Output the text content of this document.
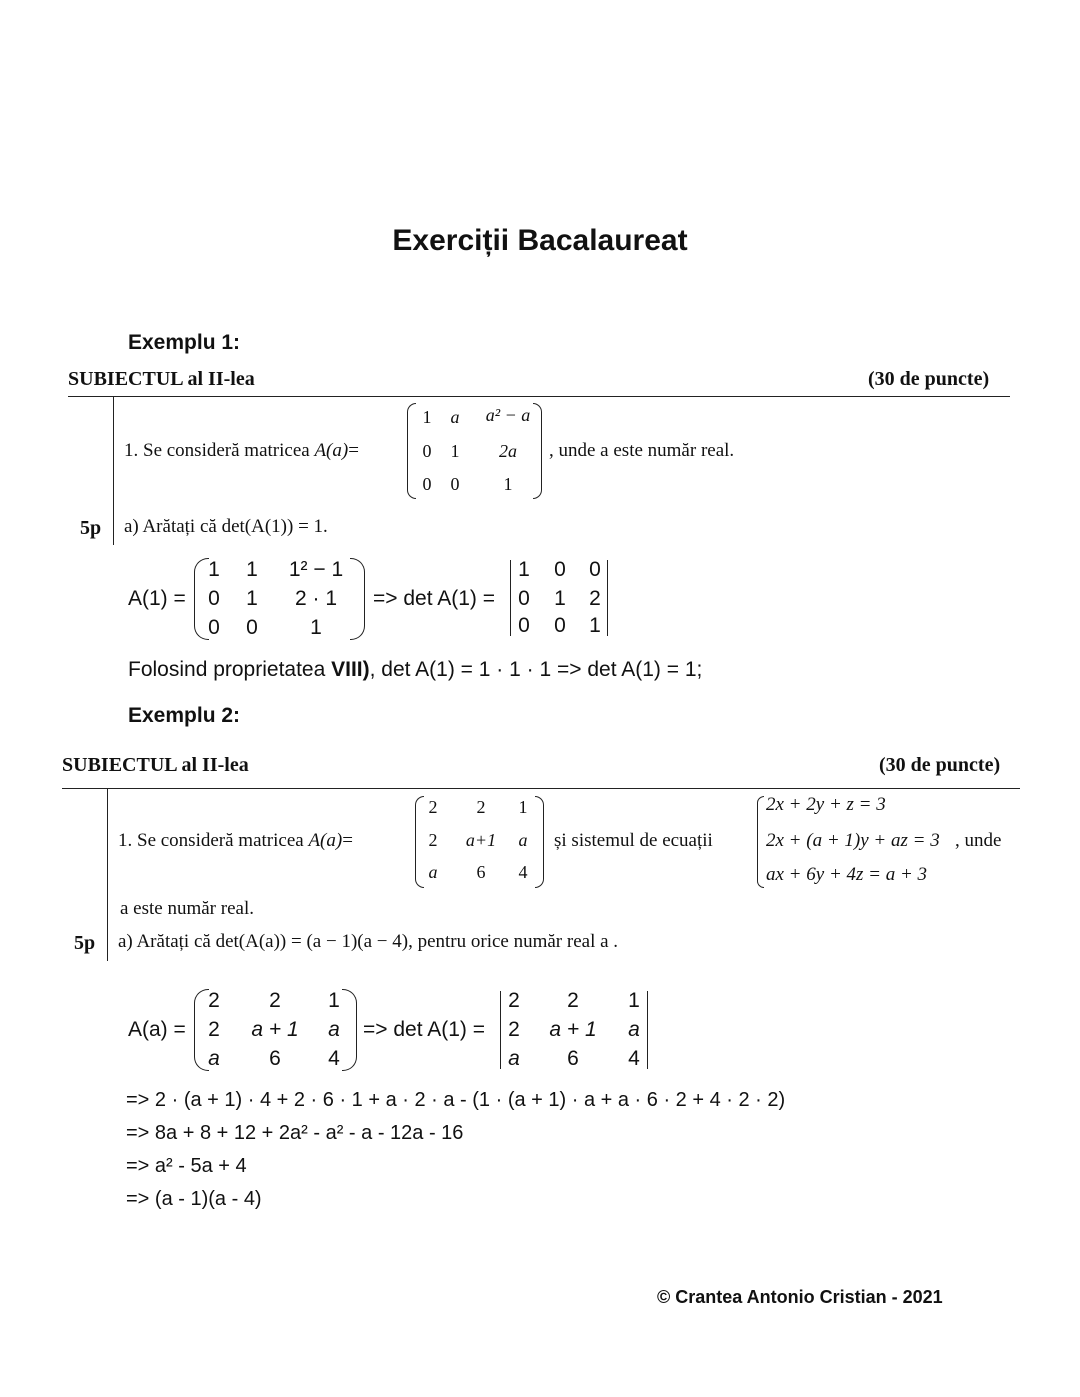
Exerciții Bacalaureat
Exemplu 1:
SUBIECTUL al II-lea	(30 de puncte)
1. Se consideră matricea A(a)=
1	a	a² − a
0	1	2a
0	0	1
, unde a este număr real.
5p a) Arătați că det(A(1)) = 1.
A(1) =
1 1	1² − 1
0 1	2 · 1
0 0	1
=> det A(1) =
1 0 0
0 1 2
0 0 1
Folosind proprietatea VIII), det A(1) = 1 · 1 · 1 => det A(1) = 1;
Exemplu 2:
SUBIECTUL al II-lea	(30 de puncte)
1. Se consideră matricea A(a)=
2	2	1
2	a+1	a
a	6	4
și sistemul de ecuații
2x + 2y + z = 3
2x + (a + 1)y + az = 3 , unde
ax + 6y + 4z = a + 3
a este număr real.
5p a) Arătați că det(A(a)) = (a − 1)(a − 4), pentru orice număr real a .
A(a) =
2	2	1
2	a + 1	a
a	6	4
=> det A(1) =
2	2	1
2	a + 1	a
a	6	4
=> 2 · (a + 1) · 4 + 2 · 6 · 1 + a · 2 · a - (1 · (a + 1) · a + a · 6 · 2 + 4 · 2 · 2)
=> 8a + 8 + 12 + 2a² - a² - a - 12a - 16
=> a² - 5a + 4
=> (a - 1)(a - 4)
© Crantea Antonio Cristian - 2021
